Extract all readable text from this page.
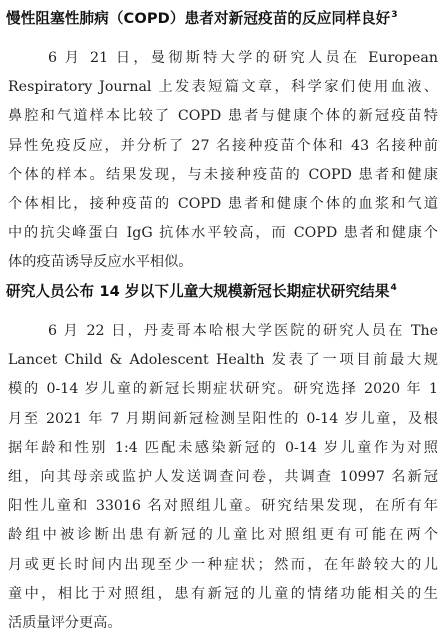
慢性阻塞性肺病（COPD）患者对新冠疫苗的反应同样良好$^3$
6 月 21 日，曼彻斯特大学的研究人员在 European
Respiratory Journal 上发表短篇文章，科学家们使用血液、
鼻腔和气道样本比较了 COPD 患者与健康个体的新冠疫苗特
异性免疫反应，并分析了 27 名接种疫苗个体和 43 名接种前
个体的样本。结果发现，与未接种疫苗的 COPD 患者和健康
个体相比，接种疫苗的 COPD 患者和健康个体的血浆和气道
中的抗尖峰蛋白 IgG 抗体水平较高，而 COPD 患者和健康个
体的疫苗诱导反应水平相似。
研究人员公布 14 岁以下儿童大规模新冠长期症状研究结果$^4$
6 月 22 日，丹麦哥本哈根大学医院的研究人员在 The
Lancet Child & Adolescent Health 发表了一项目前最大规
模的 0-14 岁儿童的新冠长期症状研究。研究选择 2020 年 1
月至 2021 年 7 月期间新冠检测呈阳性的 0-14 岁儿童，及根
据年龄和性别 1:4 匹配未感染新冠的 0-14 岁儿童作为对照
组，向其母亲或监护人发送调查问卷，共调查 10997 名新冠
阳性儿童和 33016 名对照组儿童。研究结果发现，在所有年
龄组中被诊断出患有新冠的儿童比对照组更有可能在两个
月或更长时间内出现至少一种症状；然而，在年龄较大的儿
童中，相比于对照组，患有新冠的儿童的情绪功能相关的生
活质量评分更高。
